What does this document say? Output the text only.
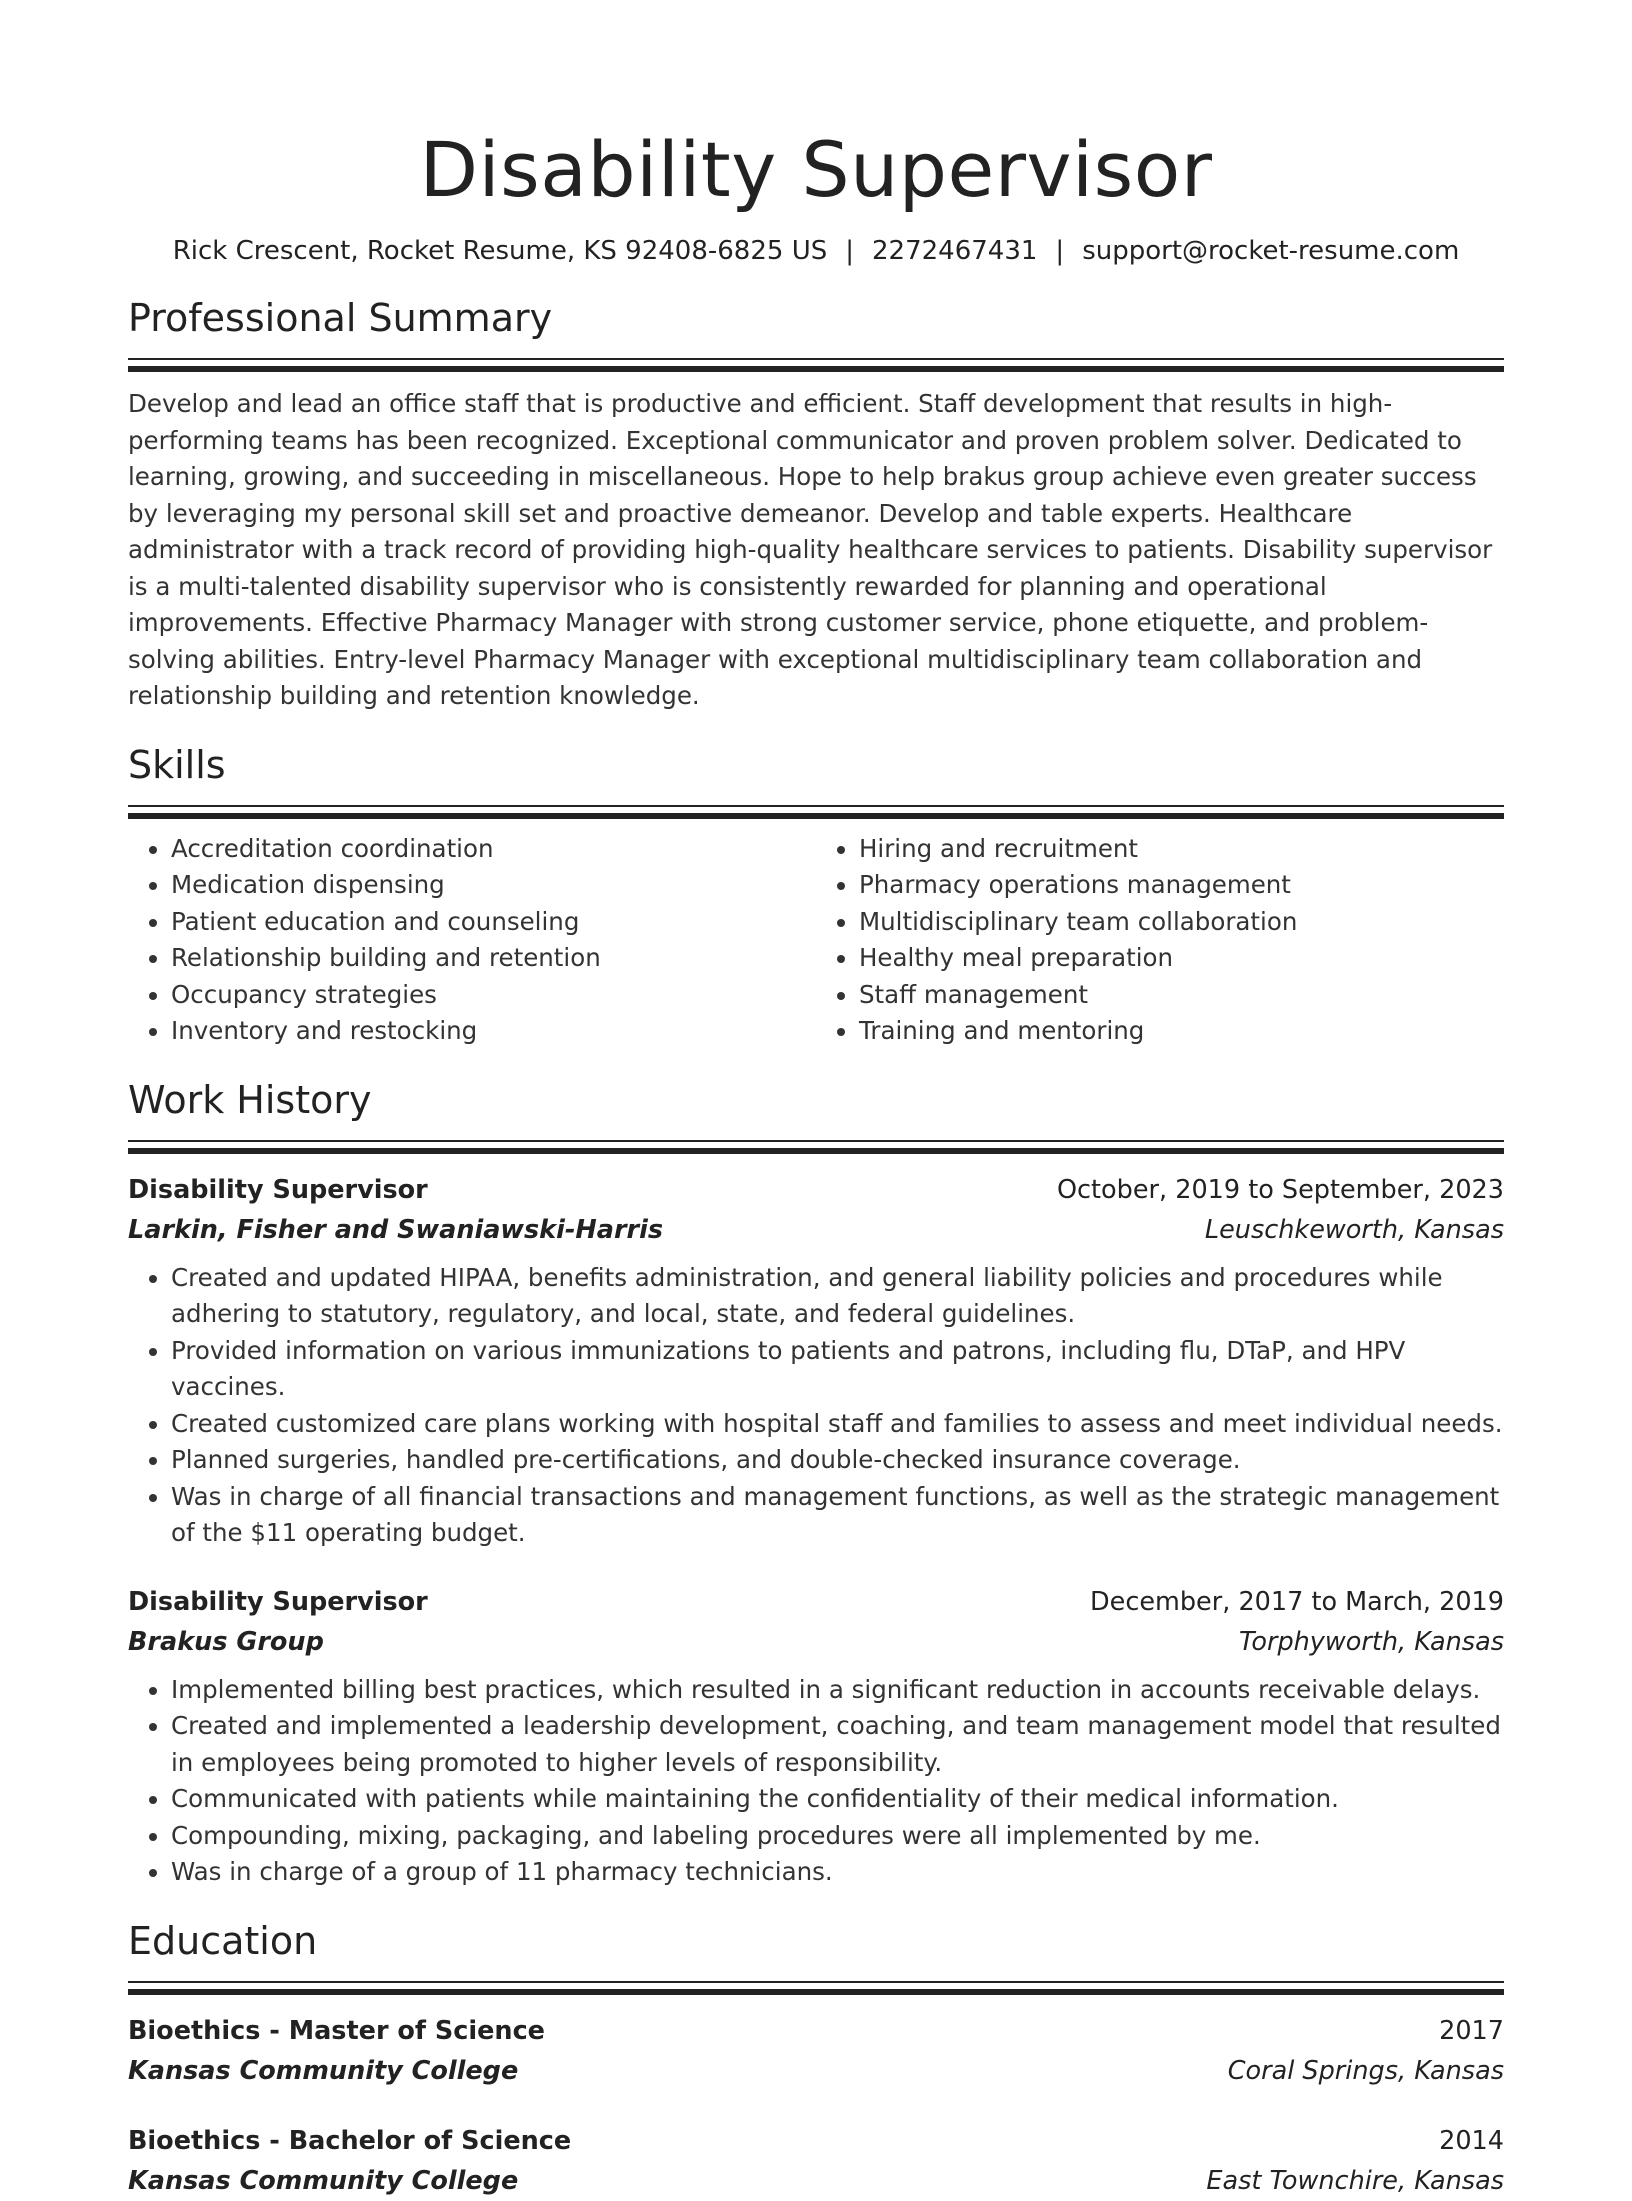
Disability Supervisor
Rick Crescent, Rocket Resume, KS 92408-6825 US | 2272467431 | support@rocket-resume.com
Professional Summary
Develop and lead an office staff that is productive and efficient. Staff development that results in high-performing teams has been recognized. Exceptional communicator and proven problem solver. Dedicated to learning, growing, and succeeding in miscellaneous. Hope to help brakus group achieve even greater success by leveraging my personal skill set and proactive demeanor. Develop and table experts. Healthcare administrator with a track record of providing high-quality healthcare services to patients. Disability supervisor is a multi-talented disability supervisor who is consistently rewarded for planning and operational improvements. Effective Pharmacy Manager with strong customer service, phone etiquette, and problem-solving abilities. Entry-level Pharmacy Manager with exceptional multidisciplinary team collaboration and relationship building and retention knowledge.
Skills
• Accreditation coordination
• Medication dispensing
• Patient education and counseling
• Relationship building and retention
• Occupancy strategies
• Inventory and restocking
• Hiring and recruitment
• Pharmacy operations management
• Multidisciplinary team collaboration
• Healthy meal preparation
• Staff management
• Training and mentoring
Work History
Disability Supervisor	October, 2019 to September, 2023
Larkin, Fisher and Swaniawski-Harris	Leuschkeworth, Kansas
• Created and updated HIPAA, benefits administration, and general liability policies and procedures while adhering to statutory, regulatory, and local, state, and federal guidelines.
• Provided information on various immunizations to patients and patrons, including flu, DTaP, and HPV vaccines.
• Created customized care plans working with hospital staff and families to assess and meet individual needs.
• Planned surgeries, handled pre-certifications, and double-checked insurance coverage.
• Was in charge of all financial transactions and management functions, as well as the strategic management of the $11 operating budget.
Disability Supervisor	December, 2017 to March, 2019
Brakus Group	Torphyworth, Kansas
• Implemented billing best practices, which resulted in a significant reduction in accounts receivable delays.
• Created and implemented a leadership development, coaching, and team management model that resulted in employees being promoted to higher levels of responsibility.
• Communicated with patients while maintaining the confidentiality of their medical information.
• Compounding, mixing, packaging, and labeling procedures were all implemented by me.
• Was in charge of a group of 11 pharmacy technicians.
Education
Bioethics - Master of Science	2017
Kansas Community College	Coral Springs, Kansas
Bioethics - Bachelor of Science	2014
Kansas Community College	East Townchire, Kansas
